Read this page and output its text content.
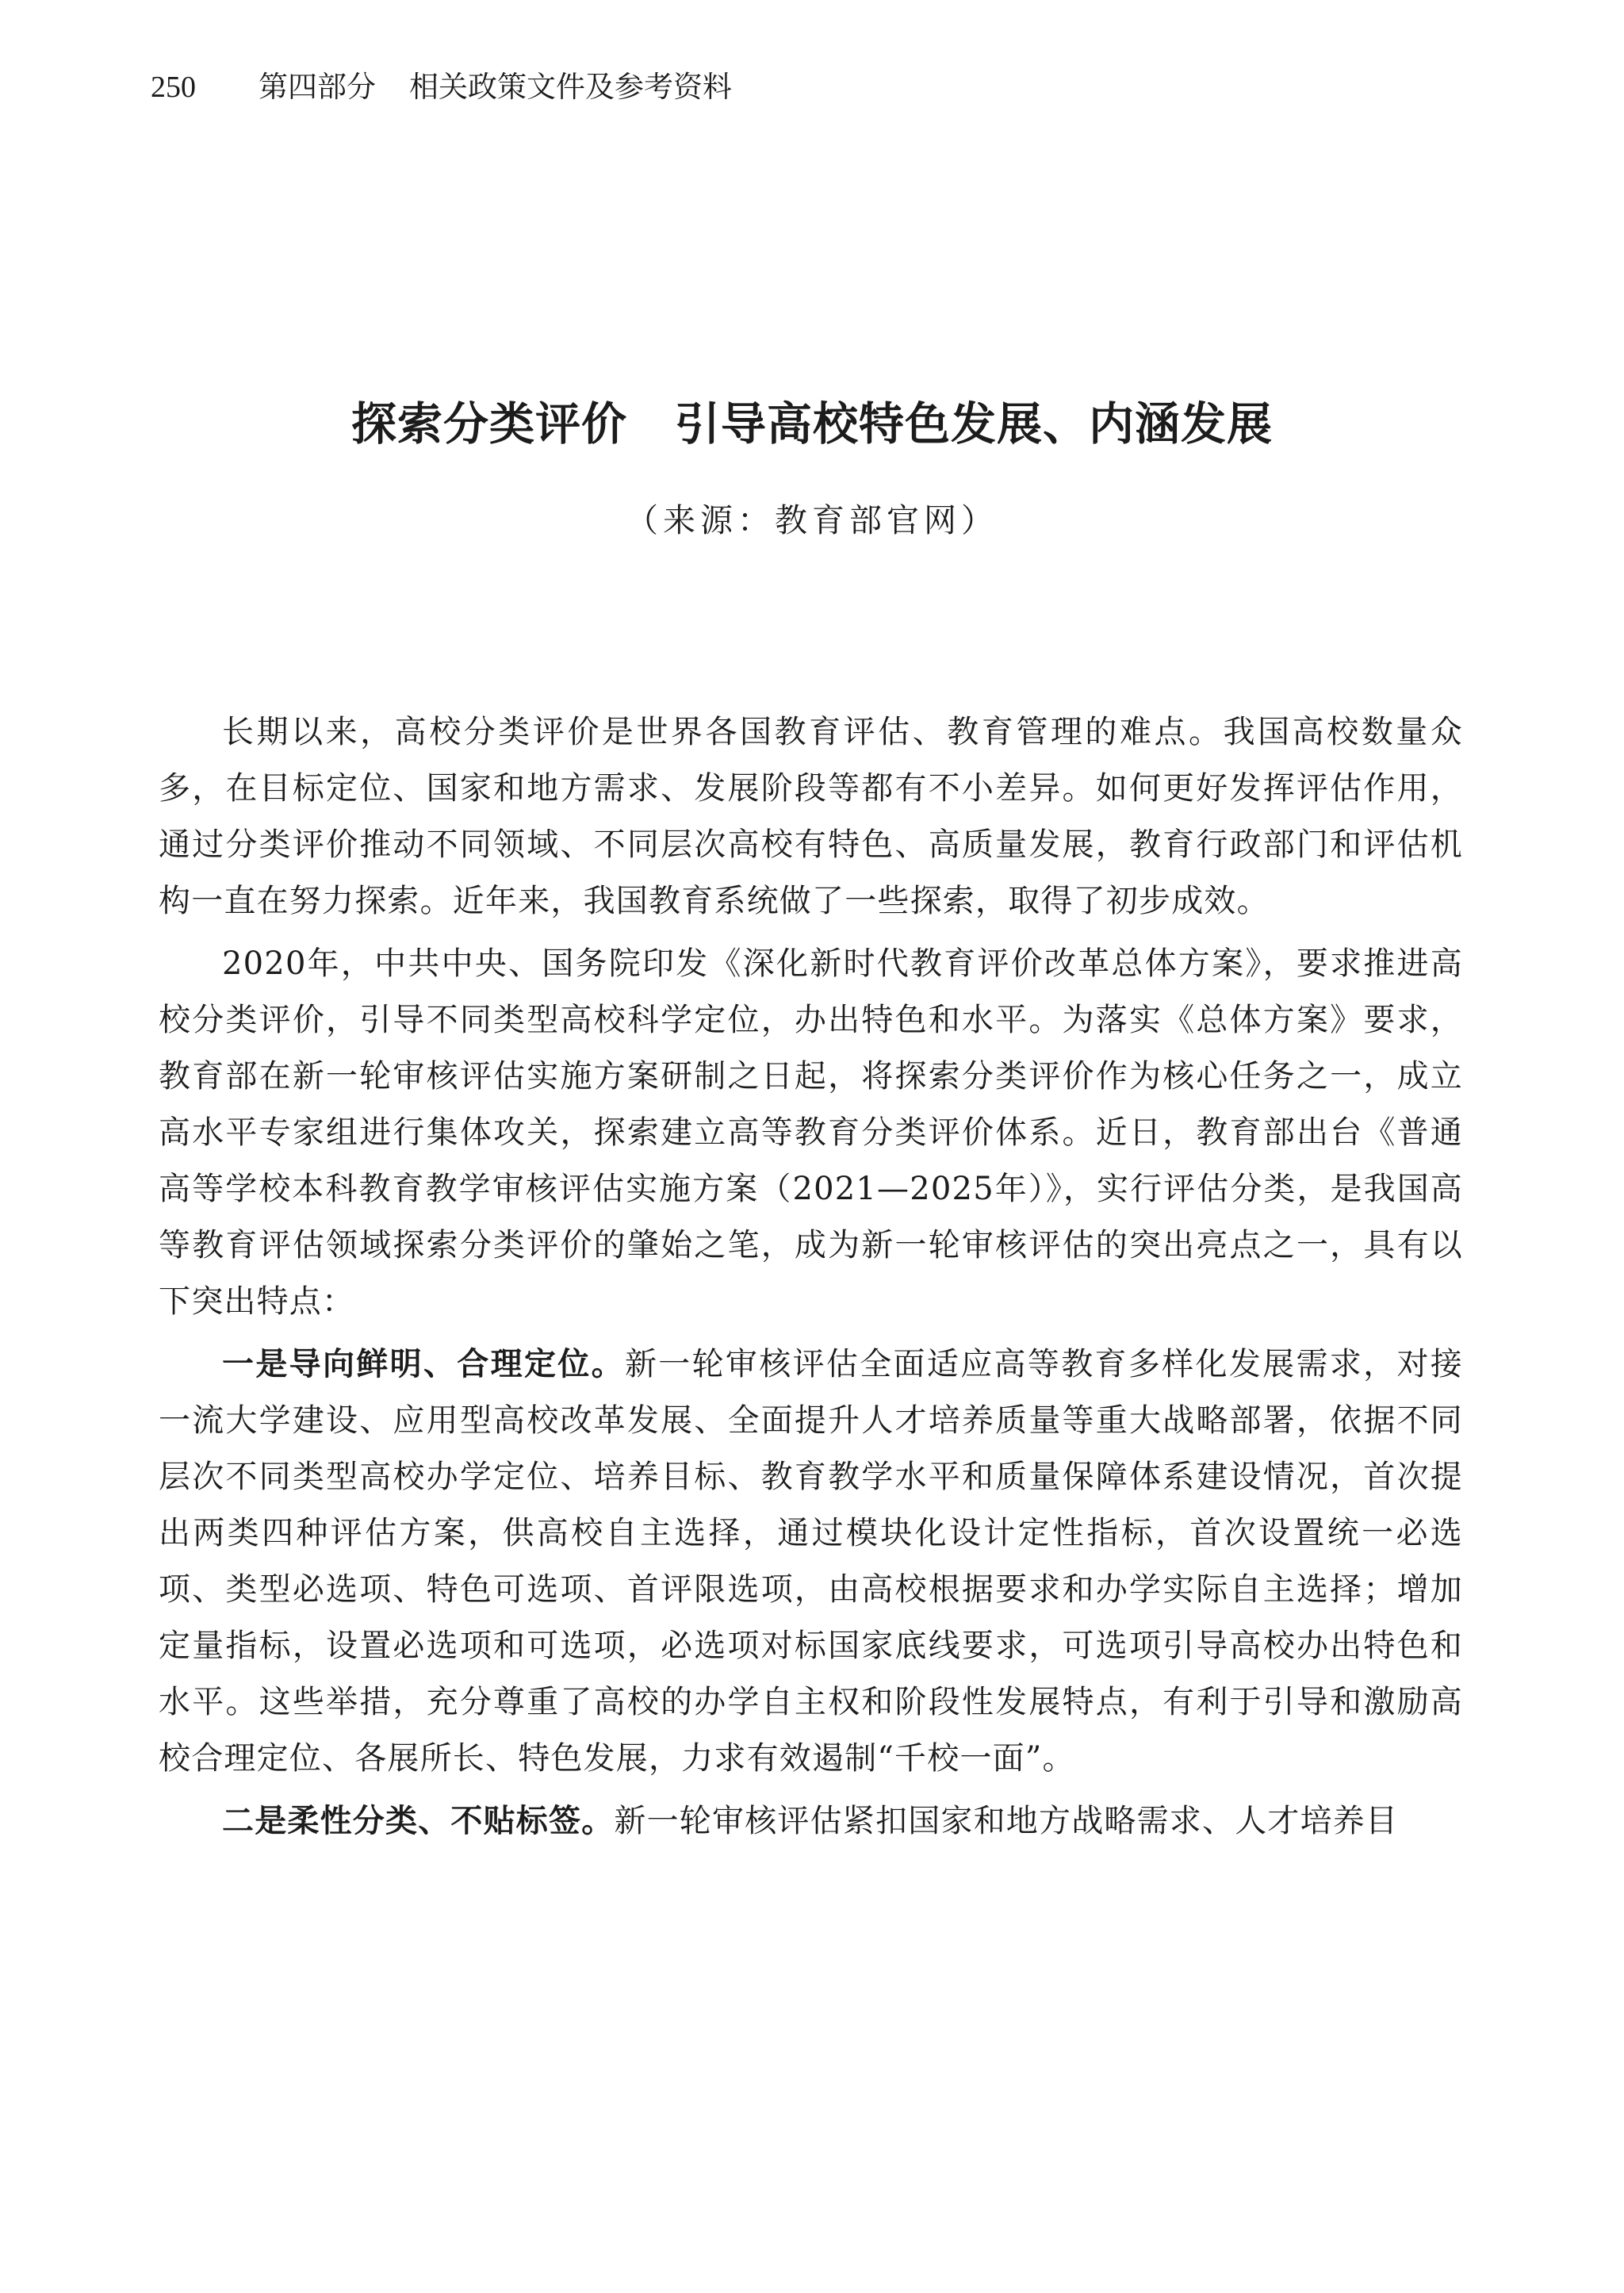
250 第四部分 相关政策文件及参考资料
探索分类评价 引导高校特色发展、内涵发展
（来源：教育部官网）

长期以来，高校分类评价是世界各国教育评估、教育管理的难点。我国高校数量众多，在目标定位、国家和地方需求、发展阶段等都有不小差异。如何更好发挥评估作用，通过分类评价推动不同领域、不同层次高校有特色、高质量发展，教育行政部门和评估机构一直在努力探索。近年来，我国教育系统做了一些探索，取得了初步成效。

2020年，中共中央、国务院印发《深化新时代教育评价改革总体方案》，要求推进高校分类评价，引导不同类型高校科学定位，办出特色和水平。为落实《总体方案》要求，教育部在新一轮审核评估实施方案研制之日起，将探索分类评价作为核心任务之一，成立高水平专家组进行集体攻关，探索建立高等教育分类评价体系。近日，教育部出台《普通高等学校本科教育教学审核评估实施方案（2021—2025年）》，实行评估分类，是我国高等教育评估领域探索分类评价的肇始之笔，成为新一轮审核评估的突出亮点之一，具有以下突出特点：

一是导向鲜明、合理定位。新一轮审核评估全面适应高等教育多样化发展需求，对接一流大学建设、应用型高校改革发展、全面提升人才培养质量等重大战略部署，依据不同层次不同类型高校办学定位、培养目标、教育教学水平和质量保障体系建设情况，首次提出两类四种评估方案，供高校自主选择，通过模块化设计定性指标，首次设置统一必选项、类型必选项、特色可选项、首评限选项，由高校根据要求和办学实际自主选择；增加定量指标，设置必选项和可选项，必选项对标国家底线要求，可选项引导高校办出特色和水平。这些举措，充分尊重了高校的办学自主权和阶段性发展特点，有利于引导和激励高校合理定位、各展所长、特色发展，力求有效遏制“千校一面”。

二是柔性分类、不贴标签。新一轮审核评估紧扣国家和地方战略需求、人才培养目
